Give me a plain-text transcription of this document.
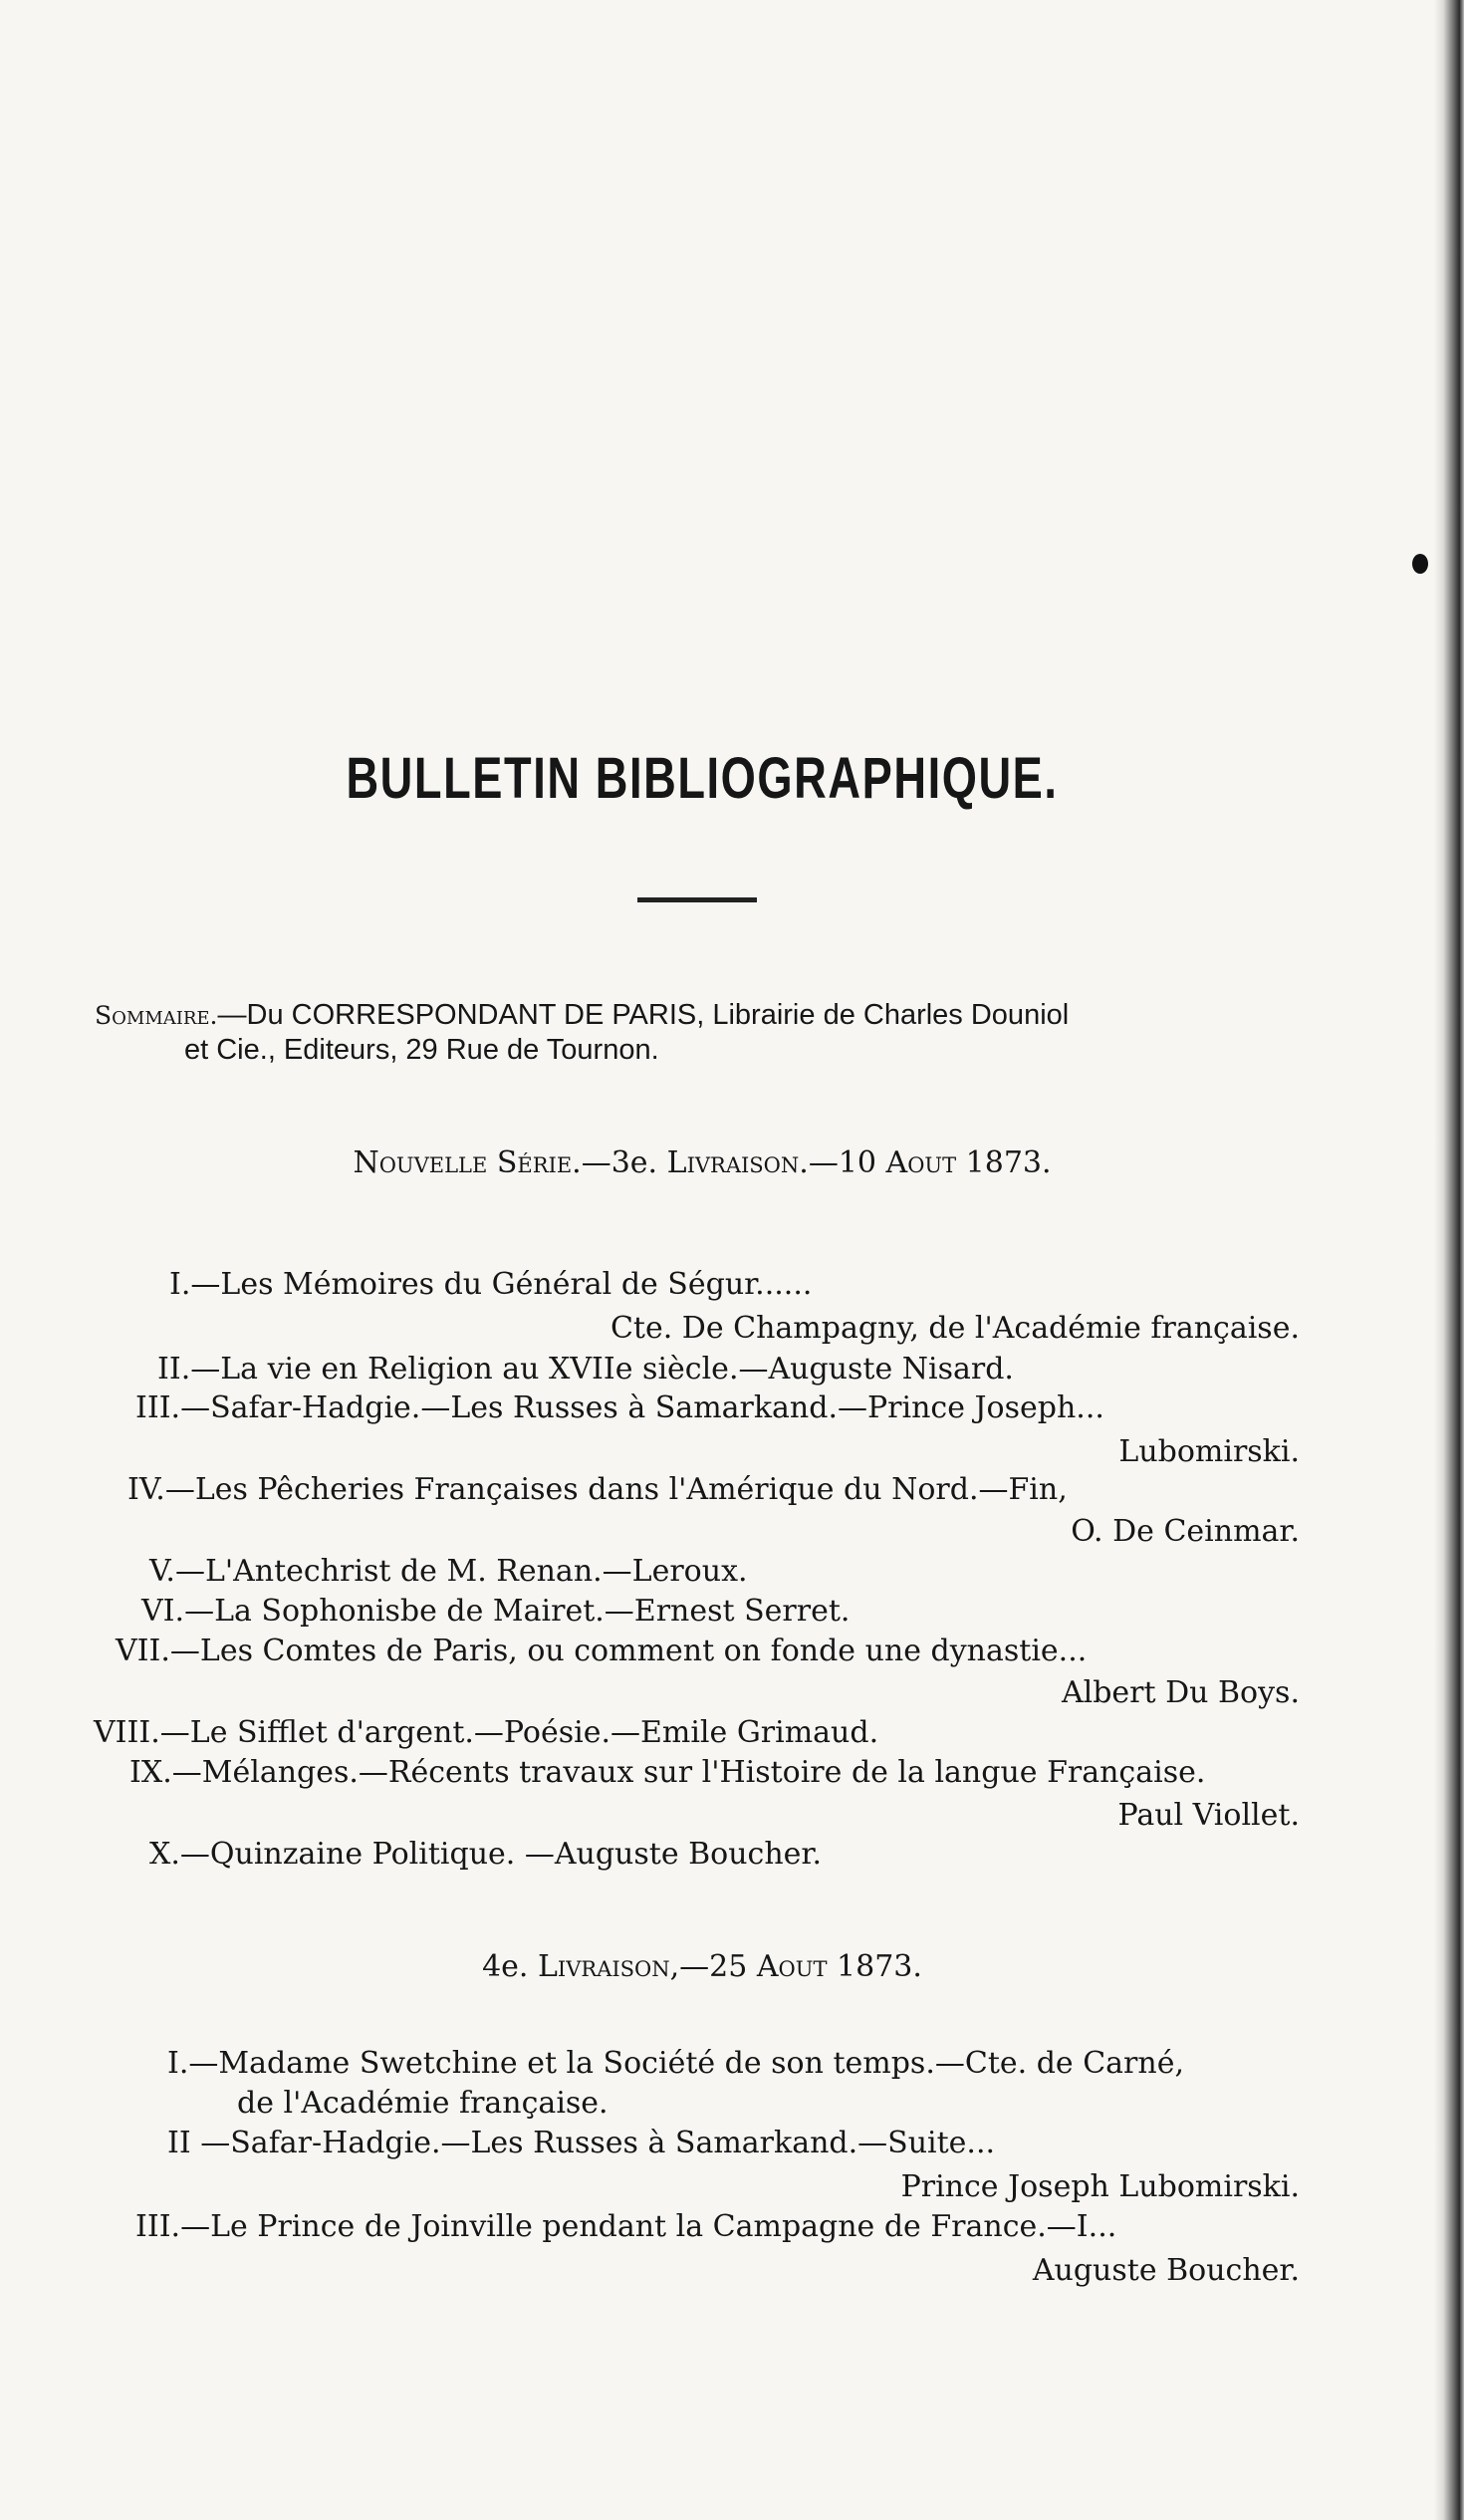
BULLETIN BIBLIOGRAPHIQUE.
Sommaire.—Du CORRESPONDANT DE PARIS, Librairie de Charles Douniol
et Cie., Editeurs, 29 Rue de Tournon.
Nouvelle Série.—3e. Livraison.—10 Aout 1873.
I.—Les Mémoires du Général de Ségur......
Cte. De Champagny, de l'Académie française.
II.—La vie en Religion au XVIIe siècle.—Auguste Nisard.
III.—Safar-Hadgie.—Les Russes à Samarkand.—Prince Joseph...
Lubomirski.
IV.—Les Pêcheries Françaises dans l'Amérique du Nord.—Fin,
O. De Ceinmar.
V.—L'Antechrist de M. Renan.—Leroux.
VI.—La Sophonisbe de Mairet.—Ernest Serret.
VII.—Les Comtes de Paris, ou comment on fonde une dynastie...
Albert Du Boys.
VIII.—Le Sifflet d'argent.—Poésie.—Emile Grimaud.
IX.—Mélanges.—Récents travaux sur l'Histoire de la langue Française.
Paul Viollet.
X.—Quinzaine Politique. —Auguste Boucher.
4e. Livraison,—25 Aout 1873.
I.—Madame Swetchine et la Société de son temps.—Cte. de Carné,
de l'Académie française.
II —Safar-Hadgie.—Les Russes à Samarkand.—Suite...
Prince Joseph Lubomirski.
III.—Le Prince de Joinville pendant la Campagne de France.—I...
Auguste Boucher.
